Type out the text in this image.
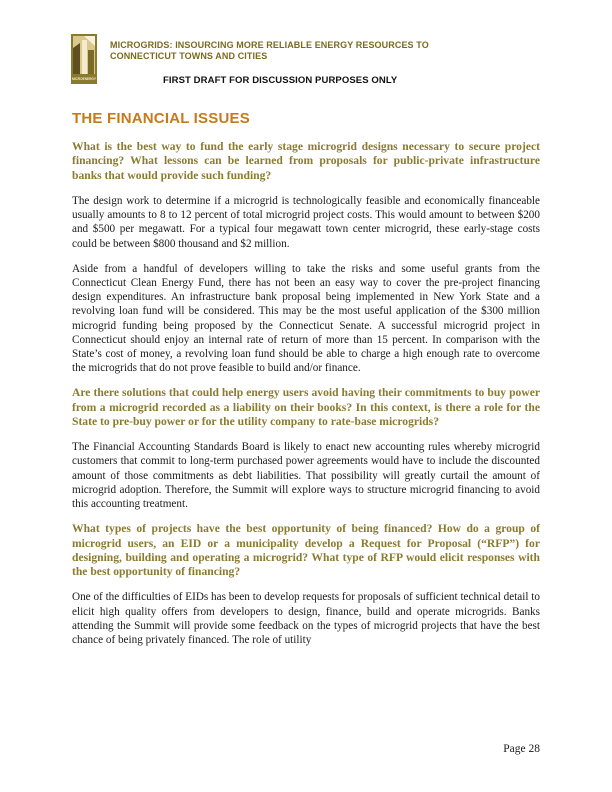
MICROENERGY
MICROGRIDS: INSOURCING MORE RELIABLE ENERGY RESOURCES TO
CONNECTICUT TOWNS AND CITIES
FIRST DRAFT FOR DISCUSSION PURPOSES ONLY
THE FINANCIAL ISSUES
What is the best way to fund the early stage microgrid designs necessary to secure project financing? What lessons can be learned from proposals for public-private infrastructure banks that would provide such funding?
The design work to determine if a microgrid is technologically feasible and economically financeable usually amounts to 8 to 12 percent of total microgrid project costs. This would amount to between $200 and $500 per megawatt. For a typical four megawatt town center microgrid, these early-stage costs could be between $800 thousand and $2 million.
Aside from a handful of developers willing to take the risks and some useful grants from the Connecticut Clean Energy Fund, there has not been an easy way to cover the pre-project financing design expenditures. An infrastructure bank proposal being implemented in New York State and a revolving loan fund will be considered. This may be the most useful application of the $300 million microgrid funding being proposed by the Connecticut Senate. A successful microgrid project in Connecticut should enjoy an internal rate of return of more than 15 percent. In comparison with the State’s cost of money, a revolving loan fund should be able to charge a high enough rate to overcome the microgrids that do not prove feasible to build and/or finance.
Are there solutions that could help energy users avoid having their commitments to buy power from a microgrid recorded as a liability on their books? In this context, is there a role for the State to pre-buy power or for the utility company to rate-base microgrids?
The Financial Accounting Standards Board is likely to enact new accounting rules whereby microgrid customers that commit to long-term purchased power agreements would have to include the discounted amount of those commitments as debt liabilities. That possibility will greatly curtail the amount of microgrid adoption. Therefore, the Summit will explore ways to structure microgrid financing to avoid this accounting treatment.
What types of projects have the best opportunity of being financed? How do a group of microgrid users, an EID or a municipality develop a Request for Proposal (“RFP”) for designing, building and operating a microgrid? What type of RFP would elicit responses with the best opportunity of financing?
One of the difficulties of EIDs has been to develop requests for proposals of sufficient technical detail to elicit high quality offers from developers to design, finance, build and operate microgrids. Banks attending the Summit will provide some feedback on the types of microgrid projects that have the best chance of being privately financed. The role of utility
Page 28
